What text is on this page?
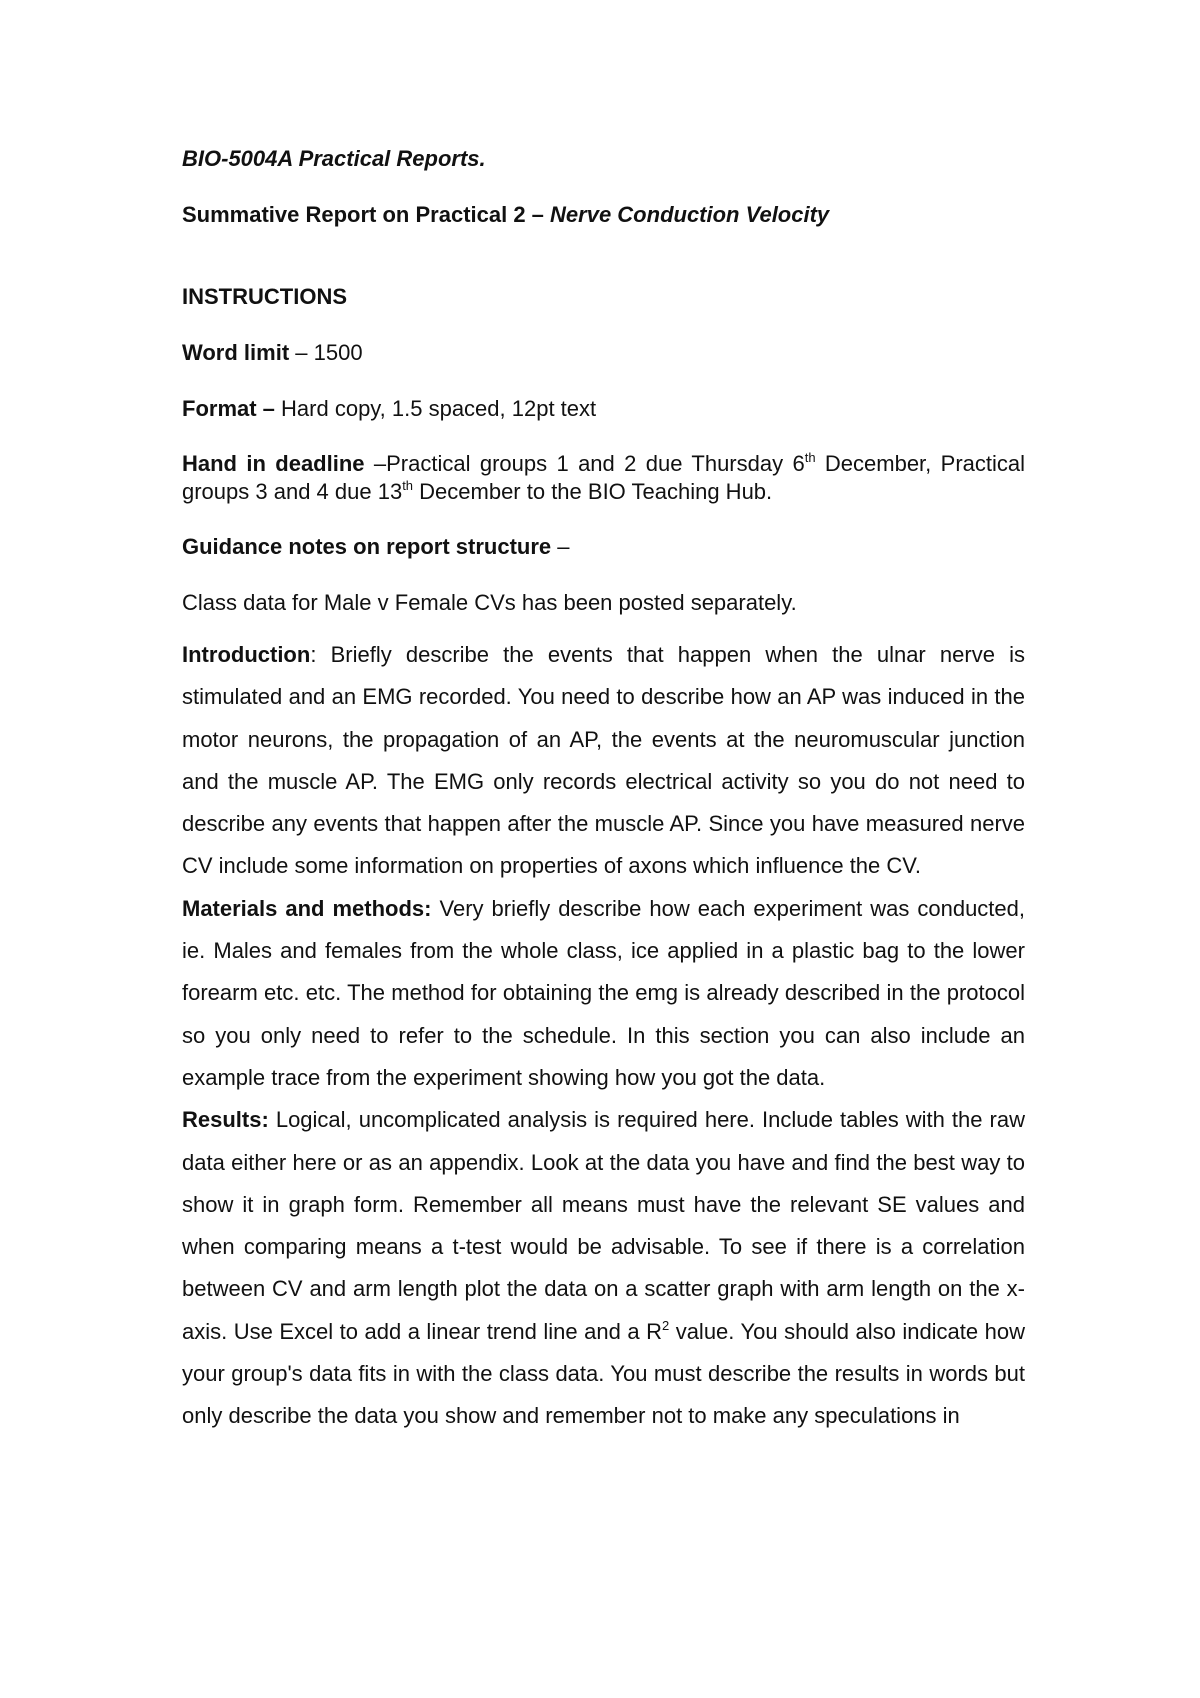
BIO-5004A Practical Reports.

Summative Report on Practical 2 – Nerve Conduction Velocity

INSTRUCTIONS

Word limit – 1500

Format – Hard copy, 1.5 spaced, 12pt text

Hand in deadline –Practical groups 1 and 2 due Thursday 6th December, Practical groups 3 and 4 due 13th December to the BIO Teaching Hub.

Guidance notes on report structure –

Class data for Male v Female CVs has been posted separately.

Introduction: Briefly describe the events that happen when the ulnar nerve is stimulated and an EMG recorded. You need to describe how an AP was induced in the motor neurons, the propagation of an AP, the events at the neuromuscular junction and the muscle AP. The EMG only records electrical activity so you do not need to describe any events that happen after the muscle AP. Since you have measured nerve CV include some information on properties of axons which influence the CV.

Materials and methods: Very briefly describe how each experiment was conducted, ie. Males and females from the whole class, ice applied in a plastic bag to the lower forearm etc. etc. The method for obtaining the emg is already described in the protocol so you only need to refer to the schedule. In this section you can also include an example trace from the experiment showing how you got the data.

Results: Logical, uncomplicated analysis is required here. Include tables with the raw data either here or as an appendix. Look at the data you have and find the best way to show it in graph form. Remember all means must have the relevant SE values and when comparing means a t-test would be advisable. To see if there is a correlation between CV and arm length plot the data on a scatter graph with arm length on the x-axis. Use Excel to add a linear trend line and a $R^2$ value. You should also indicate how your group's data fits in with the class data. You must describe the results in words but only describe the data you show and remember not to make any speculations in
